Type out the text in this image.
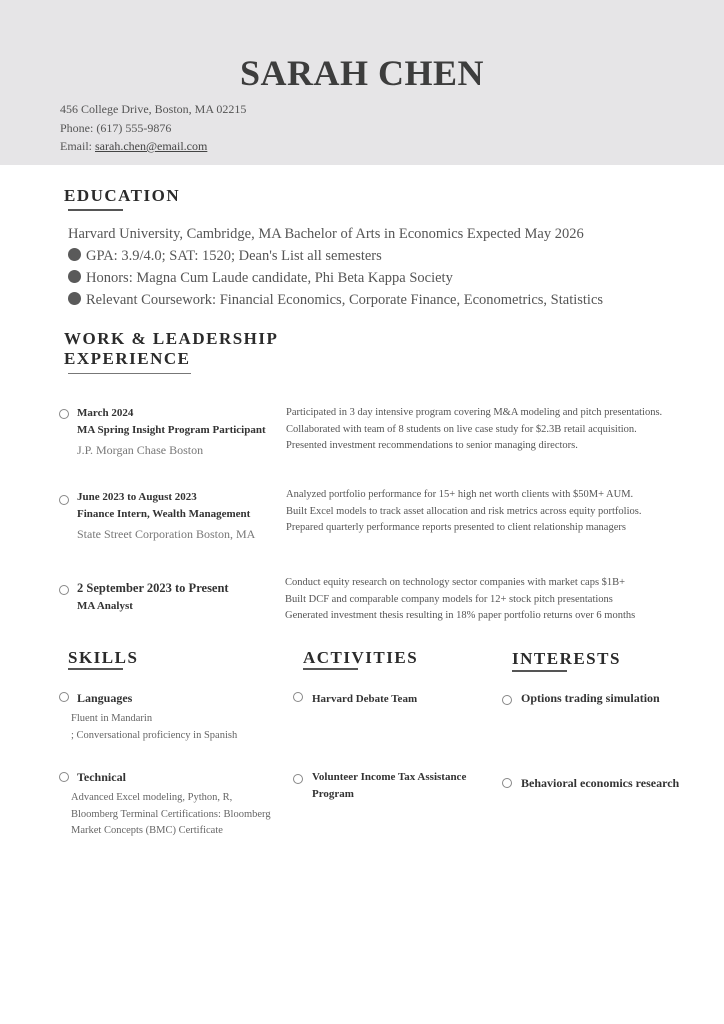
SARAH CHEN
456 College Drive, Boston, MA 02215
Phone: (617) 555-9876
Email: sarah.chen@email.com
EDUCATION
Harvard University, Cambridge, MA Bachelor of Arts in Economics Expected May 2026
GPA: 3.9/4.0; SAT: 1520; Dean's List all semesters
Honors: Magna Cum Laude candidate, Phi Beta Kappa Society
Relevant Coursework: Financial Economics, Corporate Finance, Econometrics, Statistics
WORK & LEADERSHIP
EXPERIENCE
March 2024
MA Spring Insight Program Participant
J.P. Morgan Chase Boston
Participated in 3 day intensive program covering M&A modeling and pitch presentations.
Collaborated with team of 8 students on live case study for $2.3B retail acquisition.
Presented investment recommendations to senior managing directors.
June 2023 to August 2023
Finance Intern, Wealth Management
State Street Corporation Boston, MA
Analyzed portfolio performance for 15+ high net worth clients with $50M+ AUM.
Built Excel models to track asset allocation and risk metrics across equity portfolios.
Prepared quarterly performance reports presented to client relationship managers
2 September 2023 to Present
MA Analyst
Conduct equity research on technology sector companies with market caps $1B+
Built DCF and comparable company models for 12+ stock pitch presentations
Generated investment thesis resulting in 18% paper portfolio returns over 6 months
SKILLS
Languages
Fluent in Mandarin
; Conversational proficiency in Spanish
Technical
Advanced Excel modeling, Python, R,
Bloomberg Terminal Certifications: Bloomberg
Market Concepts (BMC) Certificate
ACTIVITIES
Harvard Debate Team
Volunteer Income Tax Assistance
Program
INTERESTS
Options trading simulation
Behavioral economics research
